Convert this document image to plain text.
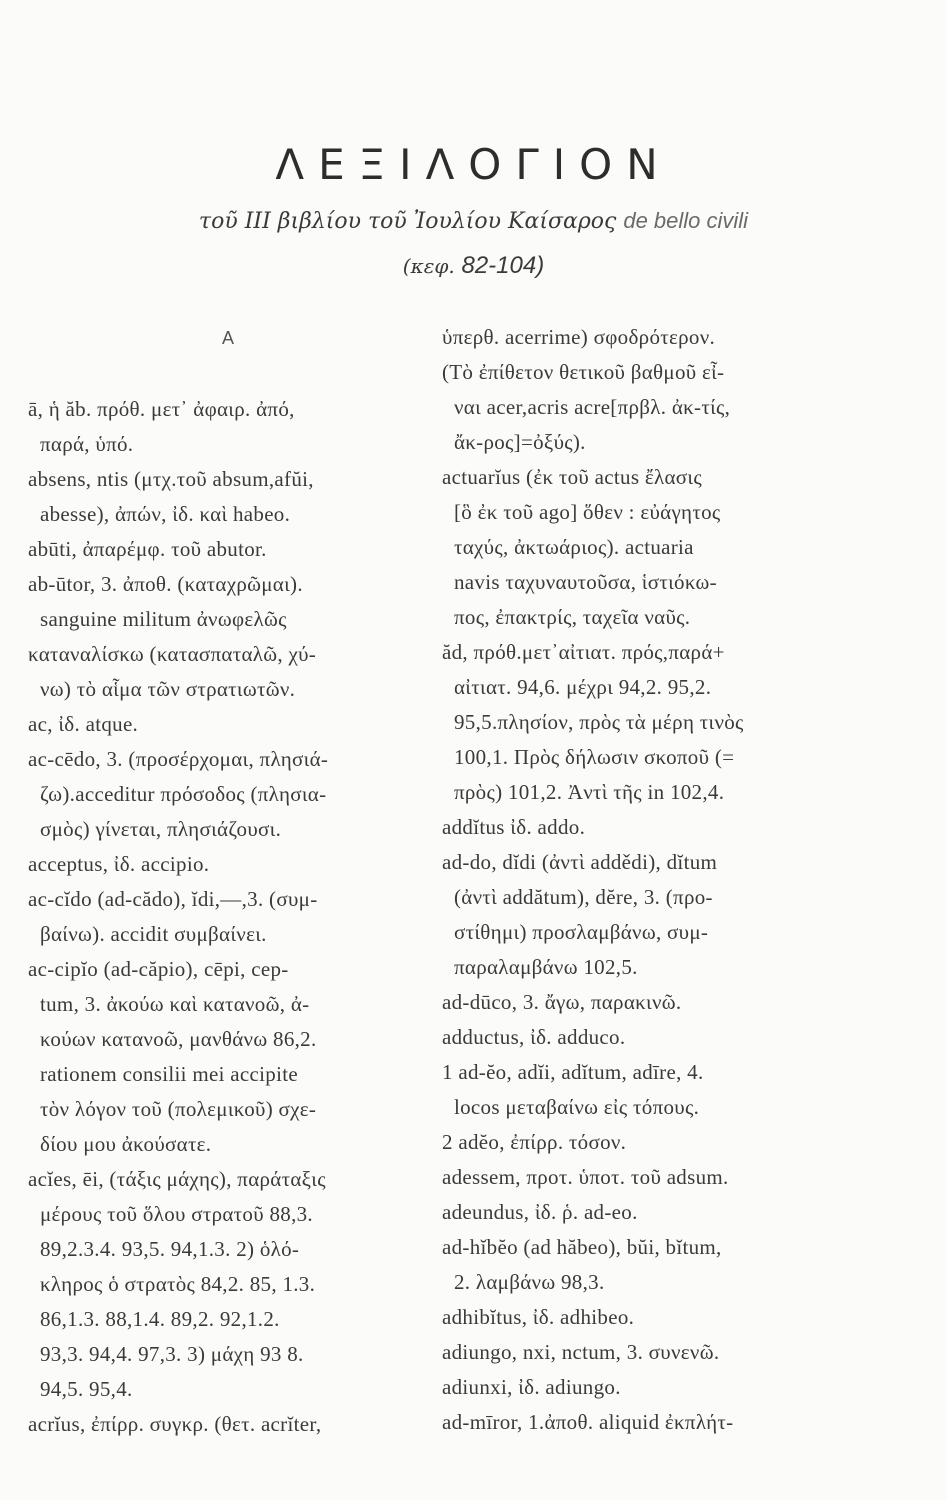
ΛΕΞΙΛΟΓΙΟΝ
τοῦ III βιβλίου τοῦ Ἰουλίου Καίσαρος de bello civili
(κεφ. 82-104)
A
ā, ἡ ăb. πρόθ. μετ᾽ ἀφαιρ. ἀπό,
παρά, ὑπό.
absens, ntis (μτχ.τοῦ absum,afŭi,
abesse), ἀπών, ἰδ. καὶ habeo.
abūti, ἀπαρέμφ. τοῦ abutor.
ab-ūtor, 3. ἀποθ. (καταχρῶμαι).
sanguine militum ἀνωφελῶς
καταναλίσκω (κατασπαταλῶ, χύ-
νω) τὸ αἷμα τῶν στρατιωτῶν.
ac, ἰδ. atque.
ac-cēdo, 3. (προσέρχομαι, πλησιά-
ζω).acceditur πρόσοδος (πλησια-
σμὸς) γίνεται, πλησιάζουσι.
acceptus, ἰδ. accipio.
ac-cĭdo (ad-cădo), ĭdi,—,3. (συμ-
βαίνω). accidit συμβαίνει.
ac-cipĭo (ad-căpio), cēpi, cep-
tum, 3. ἀκούω καὶ κατανοῶ, ἀ-
κούων κατανοῶ, μανθάνω 86,2.
rationem consilii mei accipite
τὸν λόγον τοῦ (πολεμικοῦ) σχε-
δίου μου ἀκούσατε.
acĭes, ēi, (τάξις μάχης), παράταξις
μέρους τοῦ ὅλου στρατοῦ 88,3.
89,2.3.4. 93,5. 94,1.3. 2) ὁλό-
κληρος ὁ στρατὸς 84,2. 85, 1.3.
86,1.3. 88,1.4. 89,2. 92,1.2.
93,3. 94,4. 97,3. 3) μάχη 93 8.
94,5. 95,4.
acrĭus, ἐπίρρ. συγκρ. (θετ. acrĭter,
ὑπερθ. acerrime) σφοδρότερον.
(Τὸ ἐπίθετον θετικοῦ βαθμοῦ εἶ-
ναι acer,acris acre[πρβλ. ἀκ-τίς,
ἄκ-ρος]=ὀξύς).
actuarĭus (ἐκ τοῦ actus ἔλασις
[ὃ ἐκ τοῦ ago] ὅθεν : εὐάγητος
ταχύς, ἀκτωάριος). actuaria
navis ταχυναυτοῦσα, ἱστιόκω-
πος, ἐπακτρίς, ταχεῖα ναῦς.
ăd, πρόθ.μετ᾽αἰτιατ. πρός,παρά+
αἰτιατ. 94,6. μέχρι 94,2. 95,2.
95,5.πλησίον, πρὸς τὰ μέρη τινὸς
100,1. Πρὸς δήλωσιν σκοποῦ (=
πρὸς) 101,2. Ἀντὶ τῆς in 102,4.
addĭtus ἰδ. addo.
ad-do, dĭdi (ἀντὶ addědi), dĭtum
(ἀντὶ addătum), dĕre, 3. (προ-
στίθημι) προσλαμβάνω, συμ-
παραλαμβάνω 102,5.
ad-dūco, 3. ἄγω, παρακινῶ.
adductus, ἰδ. adduco.
1 ad-ĕo, adĭi, adĭtum, adīre, 4.
locos μεταβαίνω εἰς τόπους.
2 adĕo, ἐπίρρ. τόσον.
adessem, προτ. ὑποτ. τοῦ adsum.
adeundus, ἰδ. ῥ. ad-eo.
ad-hĭbĕo (ad hăbeo), bŭi, bĭtum,
2. λαμβάνω 98,3.
adhibĭtus, ἰδ. adhibeo.
adiungo, nxi, nctum, 3. συνενῶ.
adiunxi, ἰδ. adiungo.
ad-mīror, 1.ἀποθ. aliquid ἐκπλήτ-
